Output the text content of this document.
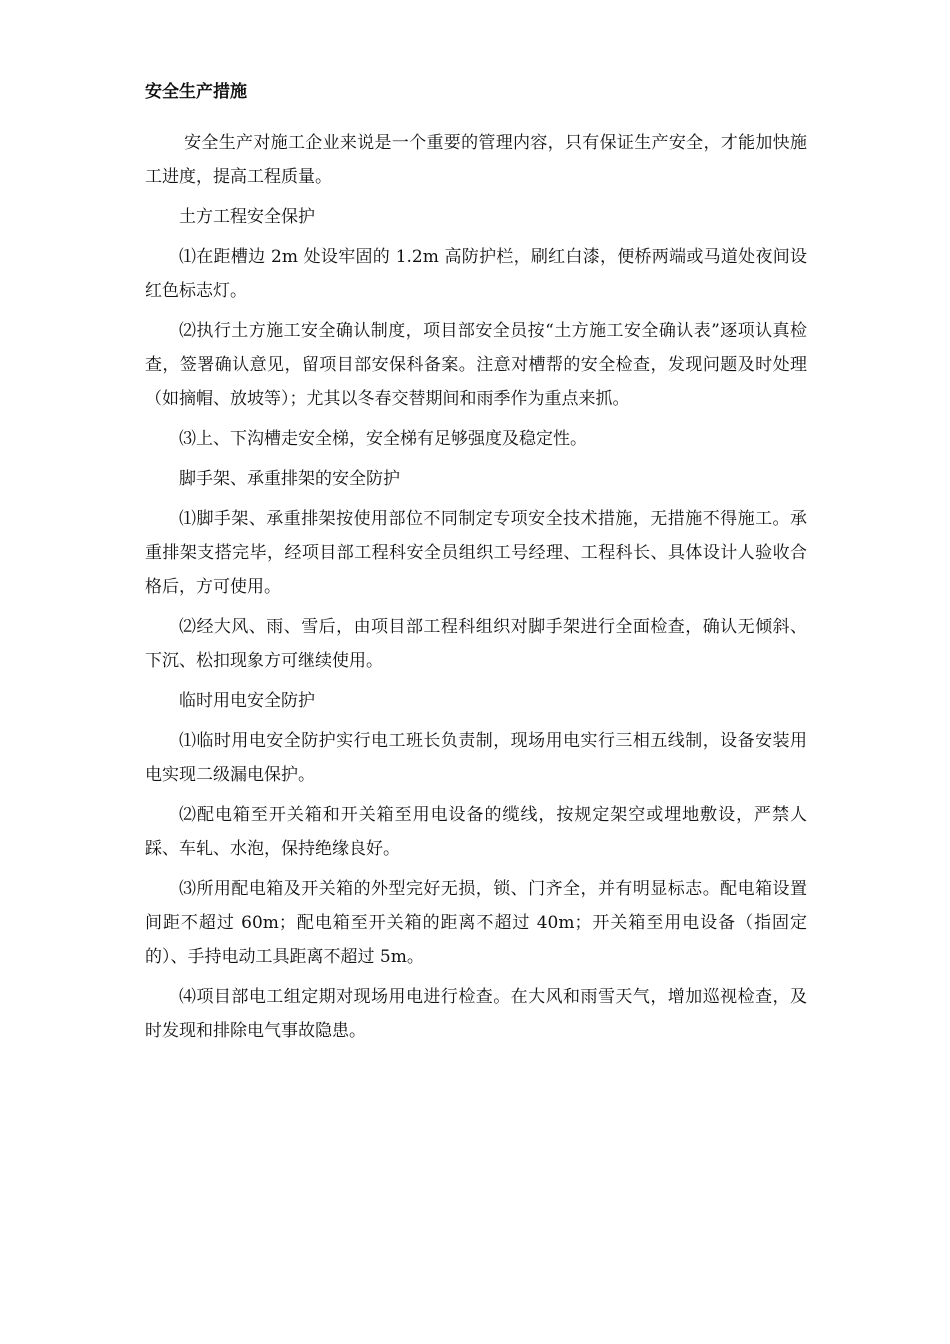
安全生产措施

安全生产对施工企业来说是一个重要的管理内容，只有保证生产安全，才能加快施工进度，提高工程质量。

土方工程安全保护

⑴在距槽边 2m 处设牢固的 1.2m 高防护栏，刷红白漆，便桥两端或马道处夜间设红色标志灯。

⑵执行土方施工安全确认制度，项目部安全员按“土方施工安全确认表”逐项认真检查，签署确认意见，留项目部安保科备案。注意对槽帮的安全检查，发现问题及时处理（如摘帽、放坡等）；尤其以冬春交替期间和雨季作为重点来抓。

⑶上、下沟槽走安全梯，安全梯有足够强度及稳定性。

脚手架、承重排架的安全防护

⑴脚手架、承重排架按使用部位不同制定专项安全技术措施，无措施不得施工。承重排架支搭完毕，经项目部工程科安全员组织工号经理、工程科长、具体设计人验收合格后，方可使用。

⑵经大风、雨、雪后，由项目部工程科组织对脚手架进行全面检查，确认无倾斜、下沉、松扣现象方可继续使用。

临时用电安全防护

⑴临时用电安全防护实行电工班长负责制，现场用电实行三相五线制，设备安装用电实现二级漏电保护。

⑵配电箱至开关箱和开关箱至用电设备的缆线，按规定架空或埋地敷设，严禁人踩、车轧、水泡，保持绝缘良好。

⑶所用配电箱及开关箱的外型完好无损，锁、门齐全，并有明显标志。配电箱设置间距不超过 60m；配电箱至开关箱的距离不超过 40m；开关箱至用电设备（指固定的）、手持电动工具距离不超过 5m。

⑷项目部电工组定期对现场用电进行检查。在大风和雨雪天气，增加巡视检查，及时发现和排除电气事故隐患。
